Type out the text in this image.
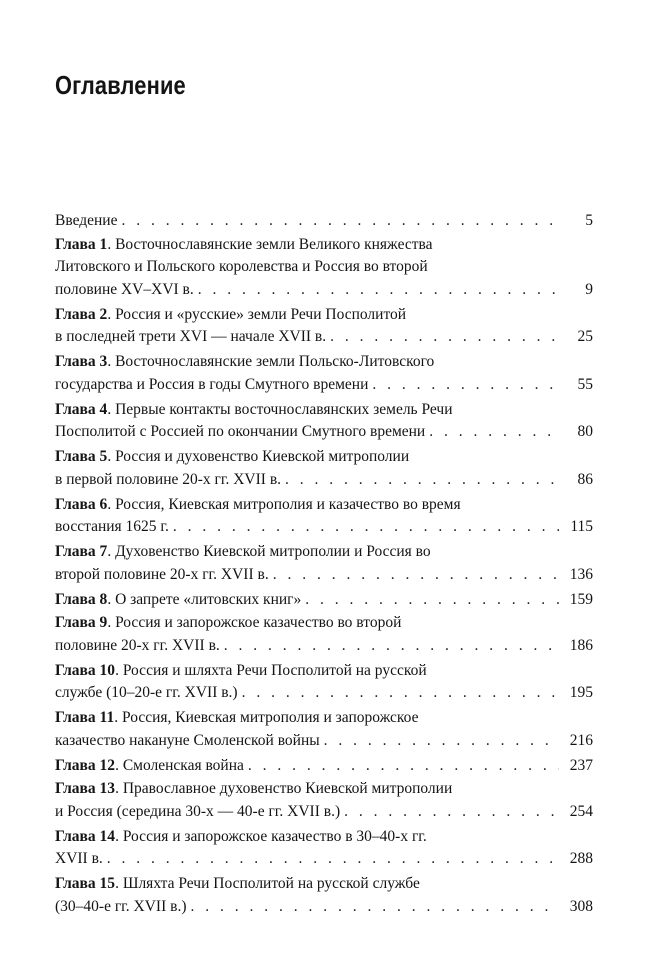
Оглавление
Введение . . .	5
Глава 1. Восточнославянские земли Великого княжества
Литовского и Польского королевства и Россия во второй
половине XV–XVI в. . . .	9
Глава 2. Россия и «русские» земли Речи Посполитой
в последней трети XVI — начале XVII в. . . .	25
Глава 3. Восточнославянские земли Польско-Литовского
государства и Россия в годы Смутного времени . . .	55
Глава 4. Первые контакты восточнославянских земель Речи
Посполитой с Россией по окончании Смутного времени . . .	80
Глава 5. Россия и духовенство Киевской митрополии
в первой половине 20-х гг. XVII в. . . .	86
Глава 6. Россия, Киевская митрополия и казачество во время
восстания 1625 г. . . .	115
Глава 7. Духовенство Киевской митрополии и Россия во
второй половине 20-х гг. XVII в. . . .	136
Глава 8. О запрете «литовских книг» . . .	159
Глава 9. Россия и запорожское казачество во второй
половине 20-х гг. XVII в. . . .	186
Глава 10. Россия и шляхта Речи Посполитой на русской
службе (10–20-е гг. XVII в.) . . .	195
Глава 11. Россия, Киевская митрополия и запорожское
казачество накануне Смоленской войны . . .	216
Глава 12. Смоленская война . . .	237
Глава 13. Православное духовенство Киевской митрополии
и Россия (середина 30-х — 40-е гг. XVII в.) . . .	254
Глава 14. Россия и запорожское казачество в 30–40-х гг.
XVII в. . . .	288
Глава 15. Шляхта Речи Посполитой на русской службе
(30–40-е гг. XVII в.) . . .	308
